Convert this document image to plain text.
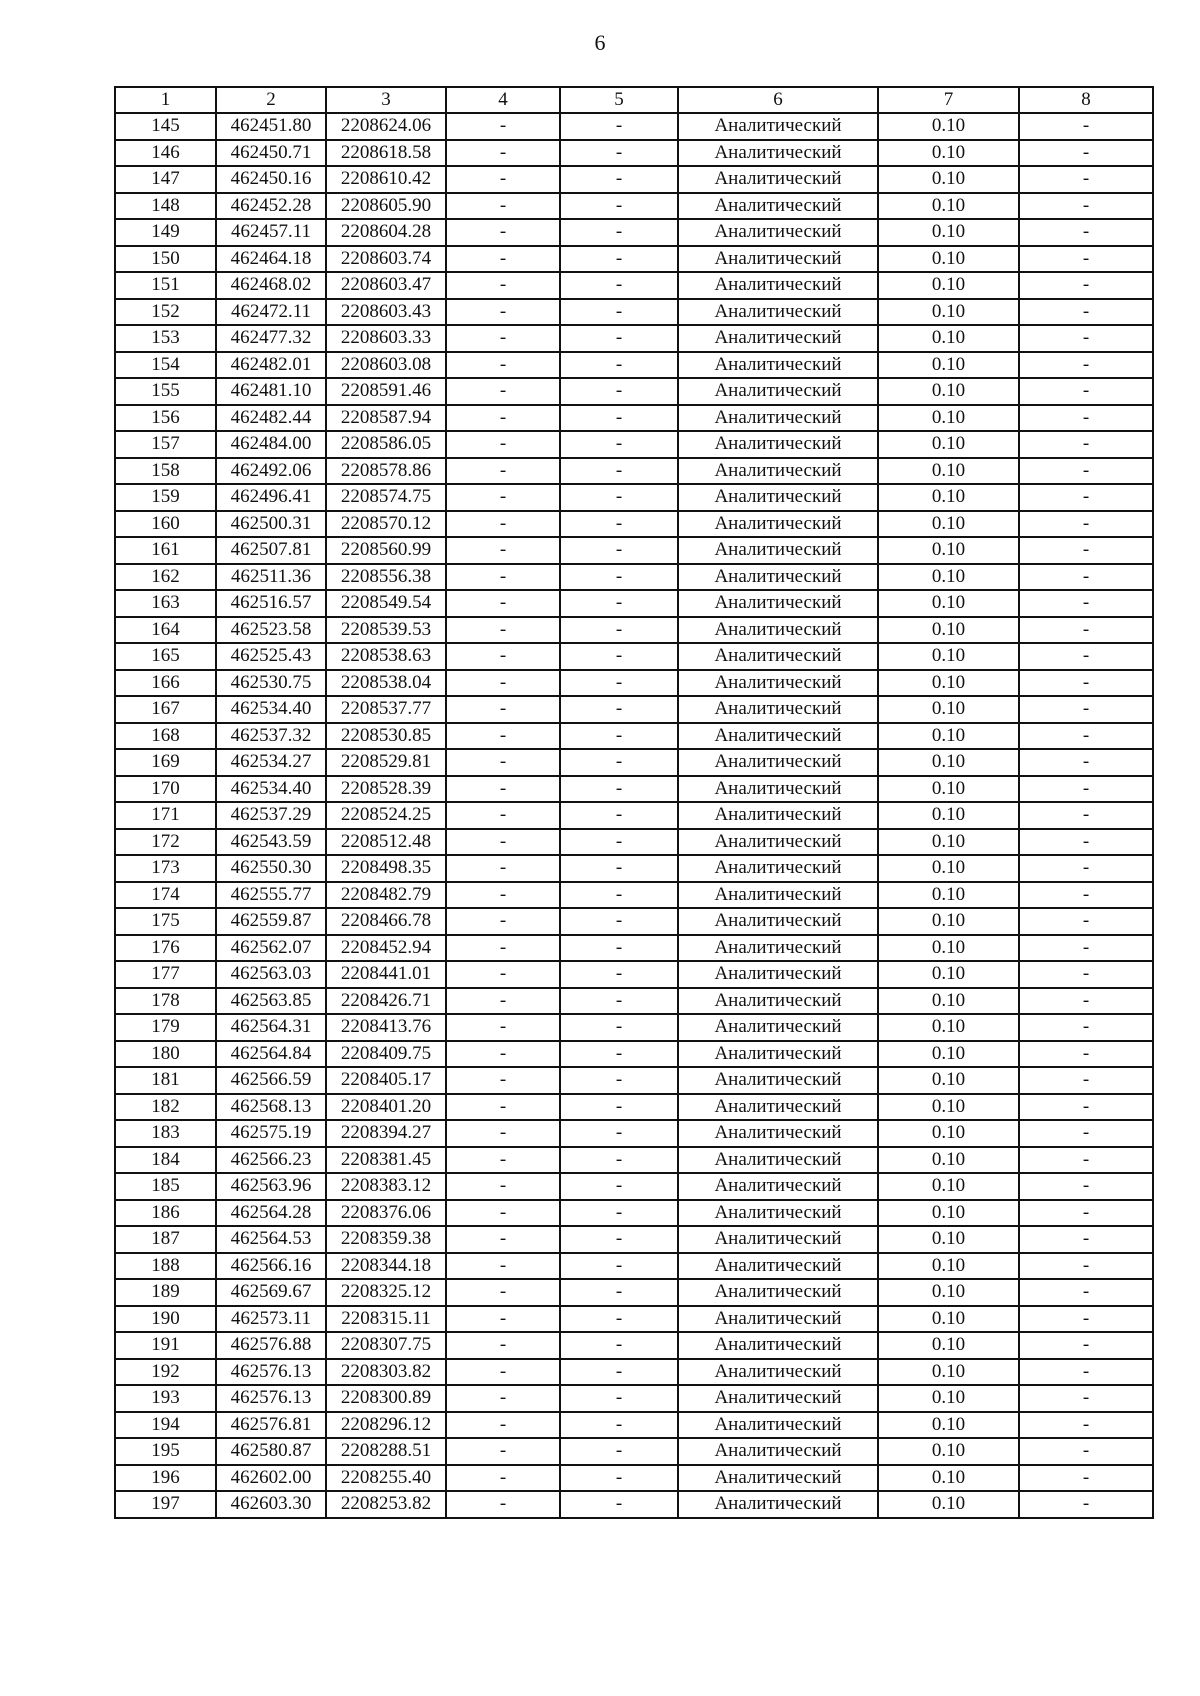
6
1	2	3	4	5	6	7	8
145	462451.80	2208624.06	-	-	Аналитический	0.10	-
146	462450.71	2208618.58	-	-	Аналитический	0.10	-
147	462450.16	2208610.42	-	-	Аналитический	0.10	-
148	462452.28	2208605.90	-	-	Аналитический	0.10	-
149	462457.11	2208604.28	-	-	Аналитический	0.10	-
150	462464.18	2208603.74	-	-	Аналитический	0.10	-
151	462468.02	2208603.47	-	-	Аналитический	0.10	-
152	462472.11	2208603.43	-	-	Аналитический	0.10	-
153	462477.32	2208603.33	-	-	Аналитический	0.10	-
154	462482.01	2208603.08	-	-	Аналитический	0.10	-
155	462481.10	2208591.46	-	-	Аналитический	0.10	-
156	462482.44	2208587.94	-	-	Аналитический	0.10	-
157	462484.00	2208586.05	-	-	Аналитический	0.10	-
158	462492.06	2208578.86	-	-	Аналитический	0.10	-
159	462496.41	2208574.75	-	-	Аналитический	0.10	-
160	462500.31	2208570.12	-	-	Аналитический	0.10	-
161	462507.81	2208560.99	-	-	Аналитический	0.10	-
162	462511.36	2208556.38	-	-	Аналитический	0.10	-
163	462516.57	2208549.54	-	-	Аналитический	0.10	-
164	462523.58	2208539.53	-	-	Аналитический	0.10	-
165	462525.43	2208538.63	-	-	Аналитический	0.10	-
166	462530.75	2208538.04	-	-	Аналитический	0.10	-
167	462534.40	2208537.77	-	-	Аналитический	0.10	-
168	462537.32	2208530.85	-	-	Аналитический	0.10	-
169	462534.27	2208529.81	-	-	Аналитический	0.10	-
170	462534.40	2208528.39	-	-	Аналитический	0.10	-
171	462537.29	2208524.25	-	-	Аналитический	0.10	-
172	462543.59	2208512.48	-	-	Аналитический	0.10	-
173	462550.30	2208498.35	-	-	Аналитический	0.10	-
174	462555.77	2208482.79	-	-	Аналитический	0.10	-
175	462559.87	2208466.78	-	-	Аналитический	0.10	-
176	462562.07	2208452.94	-	-	Аналитический	0.10	-
177	462563.03	2208441.01	-	-	Аналитический	0.10	-
178	462563.85	2208426.71	-	-	Аналитический	0.10	-
179	462564.31	2208413.76	-	-	Аналитический	0.10	-
180	462564.84	2208409.75	-	-	Аналитический	0.10	-
181	462566.59	2208405.17	-	-	Аналитический	0.10	-
182	462568.13	2208401.20	-	-	Аналитический	0.10	-
183	462575.19	2208394.27	-	-	Аналитический	0.10	-
184	462566.23	2208381.45	-	-	Аналитический	0.10	-
185	462563.96	2208383.12	-	-	Аналитический	0.10	-
186	462564.28	2208376.06	-	-	Аналитический	0.10	-
187	462564.53	2208359.38	-	-	Аналитический	0.10	-
188	462566.16	2208344.18	-	-	Аналитический	0.10	-
189	462569.67	2208325.12	-	-	Аналитический	0.10	-
190	462573.11	2208315.11	-	-	Аналитический	0.10	-
191	462576.88	2208307.75	-	-	Аналитический	0.10	-
192	462576.13	2208303.82	-	-	Аналитический	0.10	-
193	462576.13	2208300.89	-	-	Аналитический	0.10	-
194	462576.81	2208296.12	-	-	Аналитический	0.10	-
195	462580.87	2208288.51	-	-	Аналитический	0.10	-
196	462602.00	2208255.40	-	-	Аналитический	0.10	-
197	462603.30	2208253.82	-	-	Аналитический	0.10	-
